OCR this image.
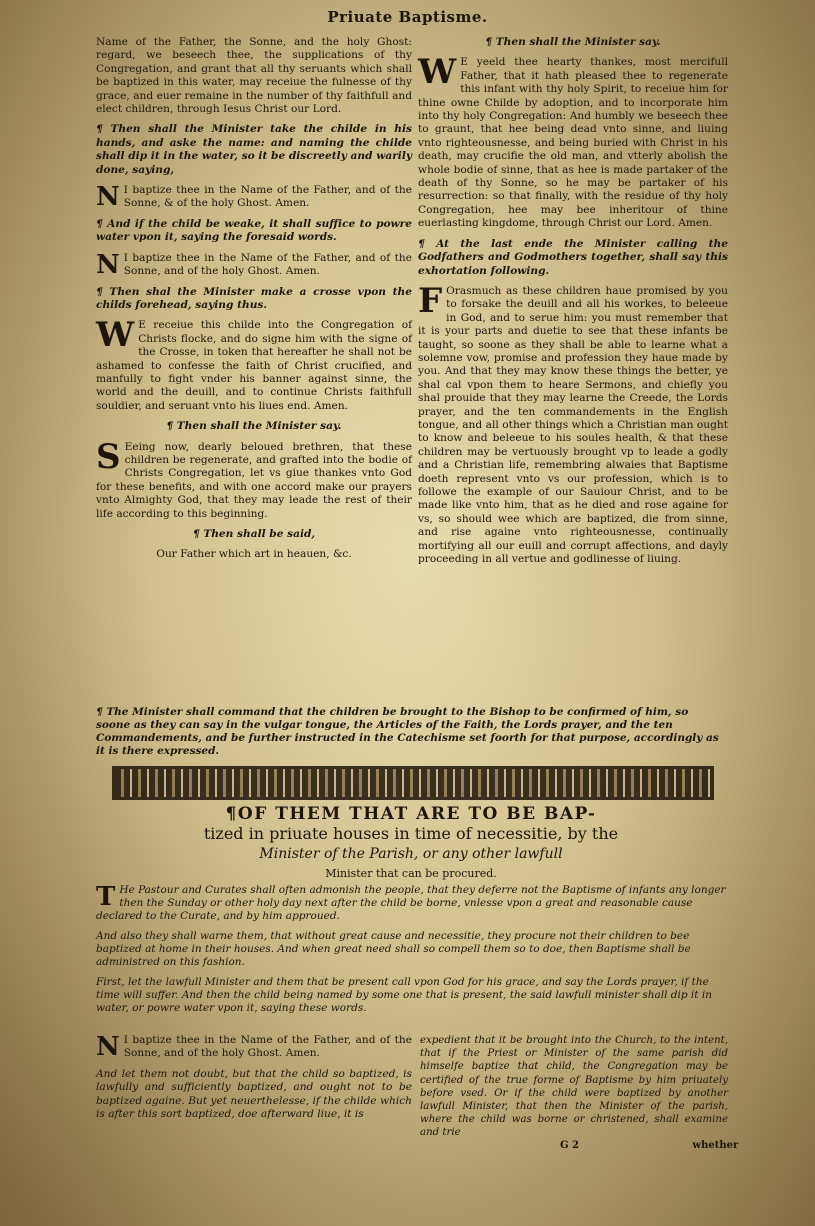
Priuate Baptisme.

Name of the Father, the Sonne, and the holy Ghost: regard, we beseech thee, the supplications of thy Congregation, and grant that all thy seruants which shall be baptized in this water, may receiue the fulnesse of thy grace, and euer remaine in the number of thy faithfull and elect children, through Iesus Christ our Lord.

¶ Then shall the Minister take the childe in his hands, and aske the name: and naming the childe shall dip it in the water, so it be discreetly and warily done, saying,

N I baptize thee in the Name of the Father, and of the Sonne, & of the holy Ghost. Amen.

¶ And if the child be weake, it shall suffice to powre water vpon it, saying the foresaid words.

N I baptize thee in the Name of the Father, and of the Sonne, and of the holy Ghost. Amen.

¶ Then shal the Minister make a crosse vpon the childs forehead, saying thus.

W E receiue this childe into the Congregation of Christs flocke, and do signe him with the signe of the Crosse, in token that hereafter he shall not be ashamed to confesse the faith of Christ crucified, and manfully to fight vnder his banner against sinne, the world and the deuill, and to continue Christs faithfull souldier, and seruant vnto his liues end. Amen.

¶ Then shall the Minister say.

S Eeing now, dearly beloued brethren, that these children be regenerate, and grafted into the bodie of Christs Congregation, let vs giue thankes vnto God for these benefits, and with one accord make our prayers vnto Almighty God, that they may leade the rest of their life according to this beginning.

¶ Then shall be said,

Our Father which art in heauen, &c.

¶ Then shall the Minister say.

W E yeeld thee hearty thankes, most mercifull Father, that it hath pleased thee to regenerate this infant with thy holy Spirit, to receiue him for thine owne Childe by adoption, and to incorporate him into thy holy Congregation: And humbly we beseech thee to graunt, that hee being dead vnto sinne, and liuing vnto righteousnesse, and being buried with Christ in his death, may crucifie the old man, and vtterly abolish the whole bodie of sinne, that as hee is made partaker of the death of thy Sonne, so he may be partaker of his resurrection: so that finally, with the residue of thy holy Congregation, hee may bee inheritour of thine euerlasting kingdome, through Christ our Lord. Amen.

¶ At the last ende the Minister calling the Godfathers and Godmothers together, shall say this exhortation following.

F Orasmuch as these children haue promised by you to forsake the deuill and all his workes, to beleeue in God, and to serue him: you must remember that it is your parts and duetie to see that these infants be taught, so soone as they shall be able to learne what a solemne vow, promise and profession they haue made by you. And that they may know these things the better, ye shal cal vpon them to heare Sermons, and chiefly you shal prouide that they may learne the Creede, the Lords prayer, and the ten commandements in the English tongue, and all other things which a Christian man ought to know and beleeue to his soules health, & that these children may be vertuously brought vp to leade a godly and a Christian life, remembring alwaies that Baptisme doeth represent vnto vs our profession, which is to followe the example of our Sauiour Christ, and to be made like vnto him, that as he died and rose againe for vs, so should wee which are baptized, die from sinne, and rise againe vnto righteousnesse, continually mortifying all our euill and corrupt affections, and dayly proceeding in all vertue and godlinesse of liuing.

¶ The Minister shall command that the children be brought to the Bishop to be confirmed of him, so soone as they can say in the vulgar tongue, the Articles of the Faith, the Lords prayer, and the ten Commandements, and be further instructed in the Catechisme set foorth for that purpose, accordingly as it is there expressed.
¶OF THEM THAT ARE TO BE BAP-
tized in priuate houses in time of necessitie, by the
Minister of the Parish, or any other lawfull
Minister that can be procured.

T He Pastour and Curates shall often admonish the people, that they deferre not the Baptisme of infants any longer then the Sunday or other holy day next after the child be borne, vnlesse vpon a great and reasonable cause declared to the Curate, and by him approued.

And also they shall warne them, that without great cause and necessitie, they procure not their children to bee baptized at home in their houses. And when great need shall so compell them so to doe, then Baptisme shall be administred on this fashion.

First, let the lawfull Minister and them that be present call vpon God for his grace, and say the Lords prayer, if the time will suffer. And then the child being named by some one that is present, the said lawfull minister shall dip it in water, or powre water vpon it, saying these words.

N I baptize thee in the Name of the Father, and of the Sonne, and of the holy Ghost. Amen.

And let them not doubt, but that the child so baptized, is lawfully and sufficiently baptized, and ought not to be baptized againe. But yet neuerthelesse, if the childe which is after this sort baptized, doe afterward liue, it is

expedient that it be brought into the Church, to the intent, that if the Priest or Minister of the same parish did himselfe baptize that child, the Congregation may be certified of the true forme of Baptisme by him priuately before vsed. Or if the child were baptized by another lawfull Minister, that then the Minister of the parish, where the child was borne or christened, shall examine and trie

G 2	whether
